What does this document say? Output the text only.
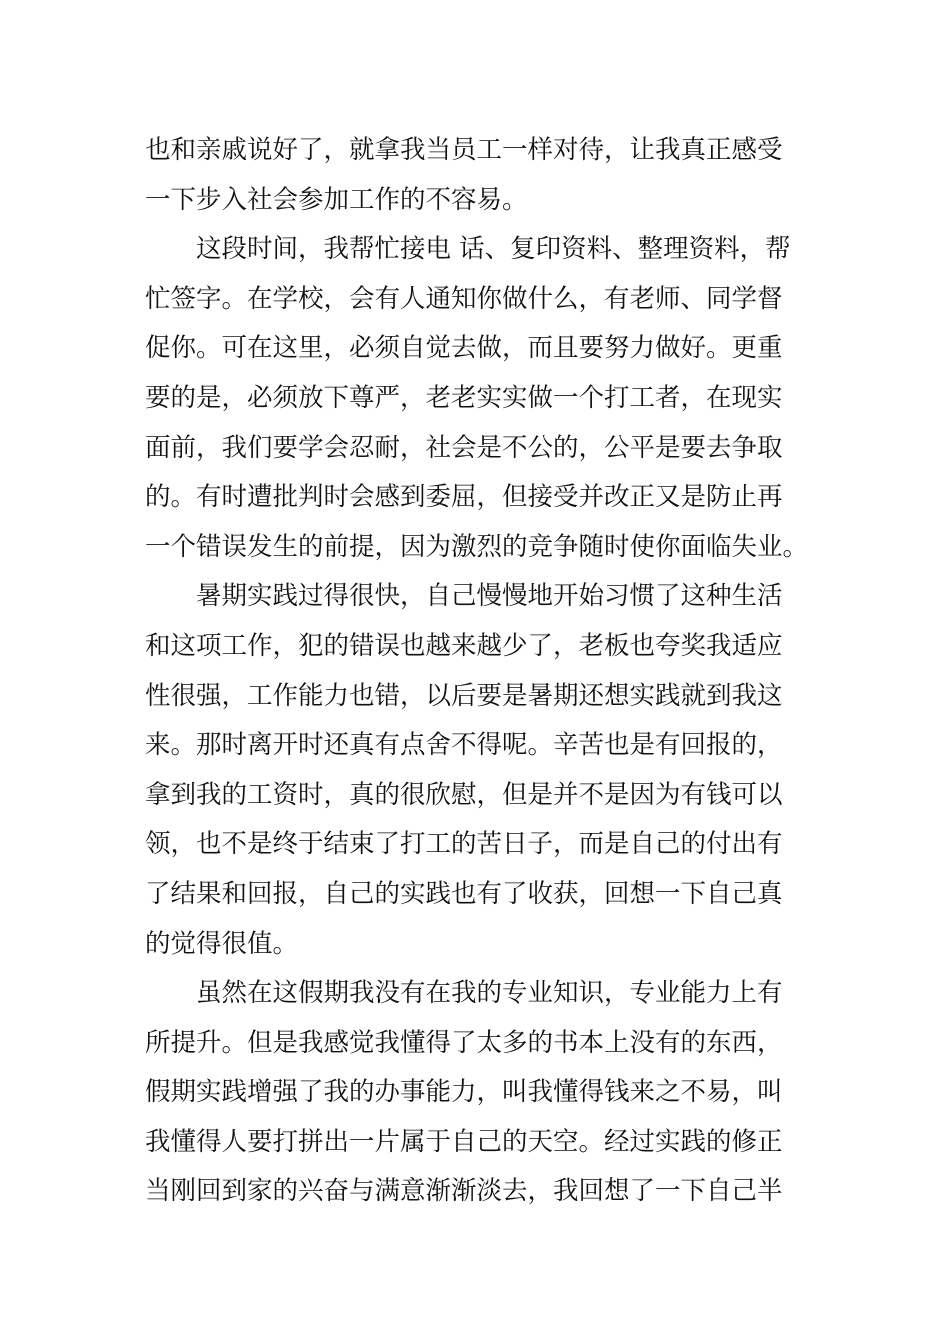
也和亲戚说好了，就拿我当员工一样对待，让我真正感受
一下步入社会参加工作的不容易。
这段时间，我帮忙接电 话、复印资料、整理资料，帮
忙签字。在学校，会有人通知你做什么，有老师、同学督
促你。可在这里，必须自觉去做，而且要努力做好。更重
要的是，必须放下尊严，老老实实做一个打工者，在现实
面前，我们要学会忍耐，社会是不公的，公平是要去争取
的。有时遭批判时会感到委屈，但接受并改正又是防止再
一个错误发生的前提，因为激烈的竞争随时使你面临失业。
暑期实践过得很快，自己慢慢地开始习惯了这种生活
和这项工作，犯的错误也越来越少了，老板也夸奖我适应
性很强，工作能力也错，以后要是暑期还想实践就到我这
来。那时离开时还真有点舍不得呢。辛苦也是有回报的，
拿到我的工资时，真的很欣慰，但是并不是因为有钱可以
领，也不是终于结束了打工的苦日子，而是自己的付出有
了结果和回报，自己的实践也有了收获，回想一下自己真
的觉得很值。
虽然在这假期我没有在我的专业知识，专业能力上有
所提升。但是我感觉我懂得了太多的书本上没有的东西，
假期实践增强了我的办事能力，叫我懂得钱来之不易，叫
我懂得人要打拼出一片属于自己的天空。经过实践的修正
当刚回到家的兴奋与满意渐渐淡去，我回想了一下自己半
